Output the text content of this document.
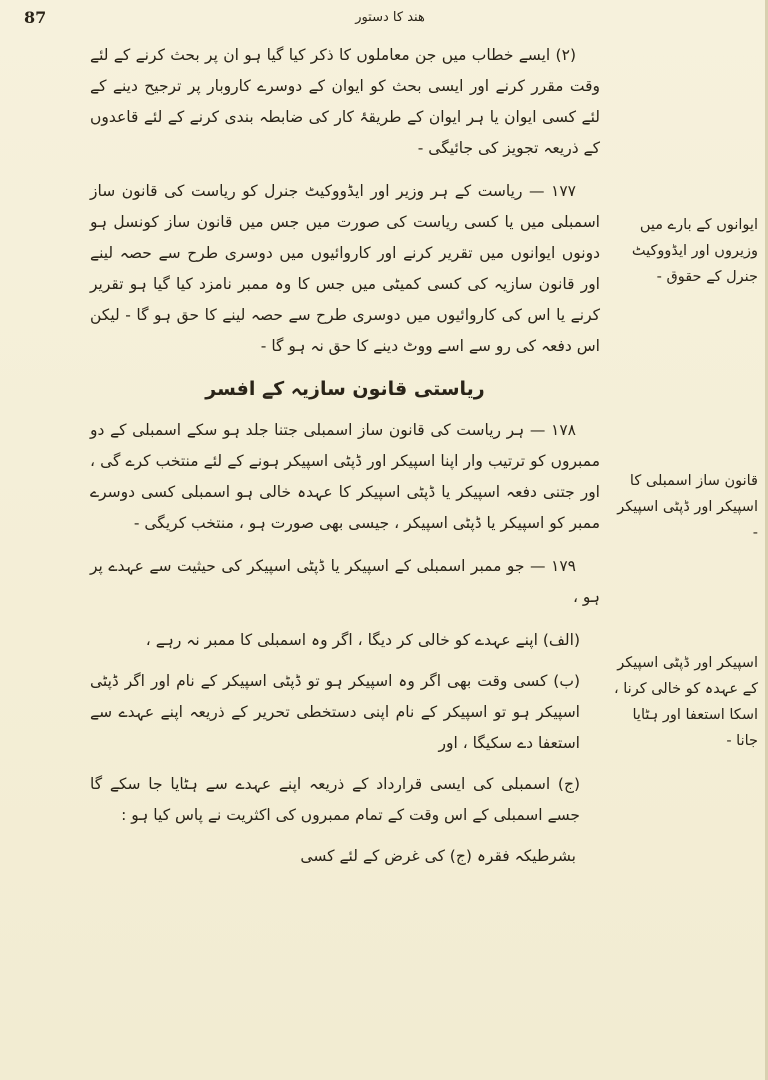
هند کا دستور
87

(۲) ایسے خطاب میں جن معاملوں کا ذکر کیا گیا ہو ان پر بحث کرنے کے لئے وقت مقرر کرنے اور ایسی بحث کو ایوان کے دوسرے کاروبار پر ترجیح دینے کے لئے کسی ایوان یا ہر ایوان کے طریقۂ کار کی ضابطہ بندی کرنے کے لئے قاعدوں کے ذریعہ تجویز کی جائیگی -

۱۷۷ — ریاست کے ہر وزیر اور ایڈووکیٹ جنرل کو ریاست کی قانون ساز اسمبلی میں یا کسی ریاست کی صورت میں جس میں قانون ساز کونسل ہو دونوں ایوانوں میں تقریر کرنے اور کاروائیوں میں دوسری طرح سے حصہ لینے اور قانون سازیہ کی کسی کمیٹی میں جس کا وہ ممبر نامزد کیا گیا ہو تقریر کرنے یا اس کی کاروائیوں میں دوسری طرح سے حصہ لینے کا حق ہو گا - لیکن اس دفعہ کی رو سے اسے ووٹ دینے کا حق نہ ہو گا -

ریاستی قانون سازیہ کے افسر

۱۷۸ — ہر ریاست کی قانون ساز اسمبلی جتنا جلد ہو سکے اسمبلی کے دو ممبروں کو ترتیب وار اپنا اسپیکر اور ڈپٹی اسپیکر ہونے کے لئے منتخب کرے گی ، اور جتنی دفعہ اسپیکر یا ڈپٹی اسپیکر کا عہدہ خالی ہو اسمبلی کسی دوسرے ممبر کو اسپیکر یا ڈپٹی اسپیکر ، جیسی بھی صورت ہو ، منتخب کریگی -

۱۷۹ — جو ممبر اسمبلی کے اسپیکر یا ڈپٹی اسپیکر کی حیثیت سے عہدے پر ہو ،

(الف) اپنے عہدے کو خالی کر دیگا ، اگر وہ اسمبلی کا ممبر نہ رہے ،

(ب) کسی وقت بھی اگر وہ اسپیکر ہو تو ڈپٹی اسپیکر کے نام اور اگر ڈپٹی اسپیکر ہو تو اسپیکر کے نام اپنی دستخطی تحریر کے ذریعہ اپنے عہدے سے استعفا دے سکیگا ، اور

(ج) اسمبلی کی ایسی قرارداد کے ذریعہ اپنے عہدے سے ہٹایا جا سکے گا جسے اسمبلی کے اس وقت کے تمام ممبروں کی اکثریت نے پاس کیا ہو :

بشرطیکہ فقرہ (ج) کی غرض کے لئے کسی

ایوانوں کے بارے میں وزیروں اور ایڈووکیٹ جنرل کے حقوق -
قانون ساز اسمبلی کا اسپیکر اور ڈپٹی اسپیکر -
اسپیکر اور ڈپٹی اسپیکر کے عہدہ کو خالی کرنا ، اسکا استعفا اور ہٹایا جانا -
